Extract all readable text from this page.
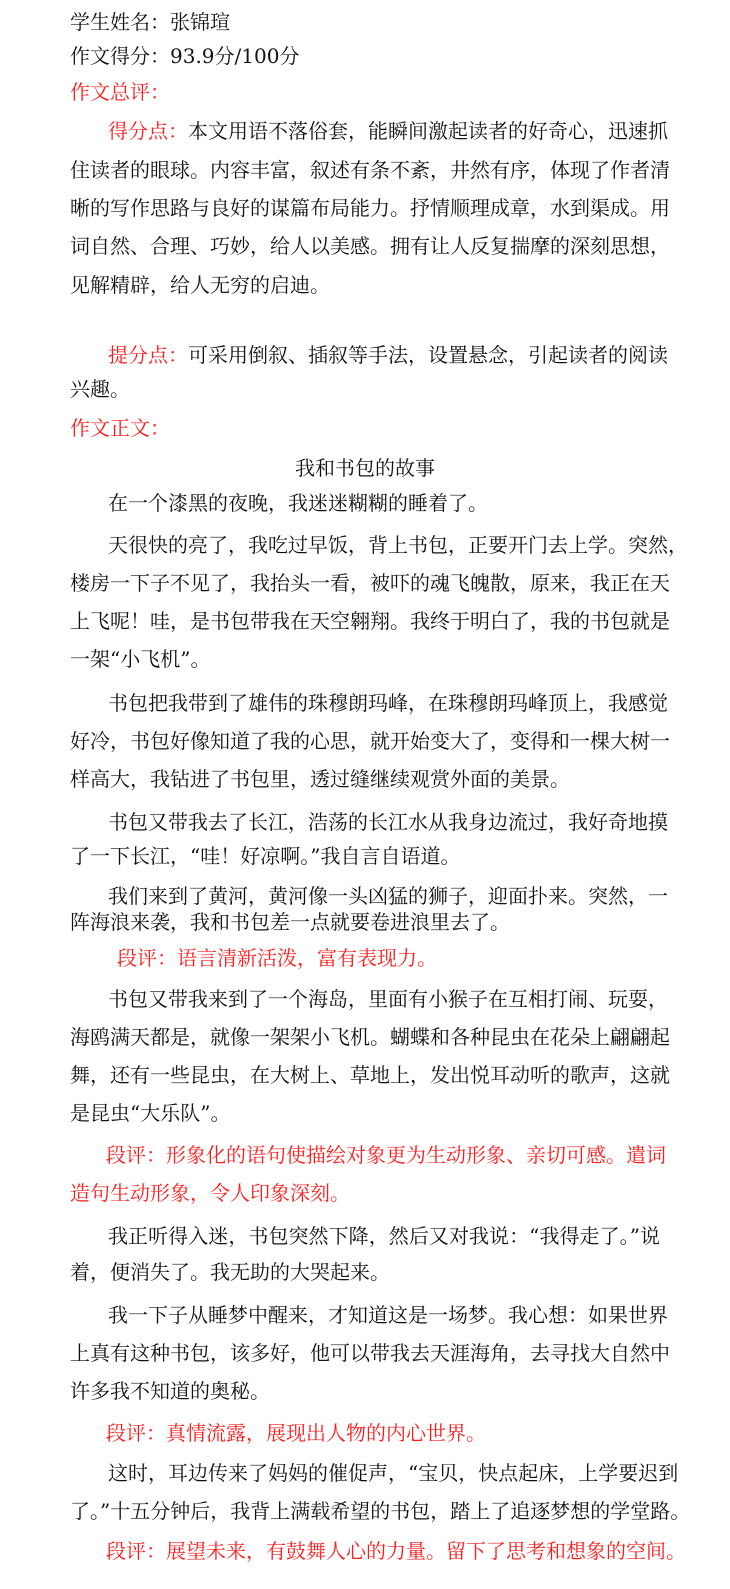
学生姓名：张锦瑄
作文得分：93.9分/100分
作文总评：
得分点：本文用语不落俗套，能瞬间激起读者的好奇心，迅速抓
住读者的眼球。内容丰富，叙述有条不紊，井然有序，体现了作者清
晰的写作思路与良好的谋篇布局能力。抒情顺理成章，水到渠成。用
词自然、合理、巧妙，给人以美感。拥有让人反复揣摩的深刻思想，
见解精辟，给人无穷的启迪。
提分点：可采用倒叙、插叙等手法，设置悬念，引起读者的阅读
兴趣。
作文正文：
我和书包的故事
在一个漆黑的夜晚，我迷迷糊糊的睡着了。
天很快的亮了，我吃过早饭，背上书包，正要开门去上学。突然，
楼房一下子不见了，我抬头一看，被吓的魂飞魄散，原来，我正在天
上飞呢！哇，是书包带我在天空翱翔。我终于明白了，我的书包就是
一架“小飞机”。
书包把我带到了雄伟的珠穆朗玛峰，在珠穆朗玛峰顶上，我感觉
好冷，书包好像知道了我的心思，就开始变大了，变得和一棵大树一
样高大，我钻进了书包里，透过缝继续观赏外面的美景。
书包又带我去了长江，浩荡的长江水从我身边流过，我好奇地摸
了一下长江，“哇！好凉啊。”我自言自语道。
我们来到了黄河，黄河像一头凶猛的狮子，迎面扑来。突然，一
阵海浪来袭，我和书包差一点就要卷进浪里去了。
段评：语言清新活泼，富有表现力。
书包又带我来到了一个海岛，里面有小猴子在互相打闹、玩耍，
海鸥满天都是，就像一架架小飞机。蝴蝶和各种昆虫在花朵上翩翩起
舞，还有一些昆虫，在大树上、草地上，发出悦耳动听的歌声，这就
是昆虫“大乐队”。
段评：形象化的语句使描绘对象更为生动形象、亲切可感。遣词
造句生动形象，令人印象深刻。
我正听得入迷，书包突然下降，然后又对我说：“我得走了。”说
着，便消失了。我无助的大哭起来。
我一下子从睡梦中醒来，才知道这是一场梦。我心想：如果世界
上真有这种书包，该多好，他可以带我去天涯海角，去寻找大自然中
许多我不知道的奥秘。
段评：真情流露，展现出人物的内心世界。
这时，耳边传来了妈妈的催促声，“宝贝，快点起床，上学要迟到
了。”十五分钟后，我背上满载希望的书包，踏上了追逐梦想的学堂路。
段评：展望未来，有鼓舞人心的力量。留下了思考和想象的空间。
